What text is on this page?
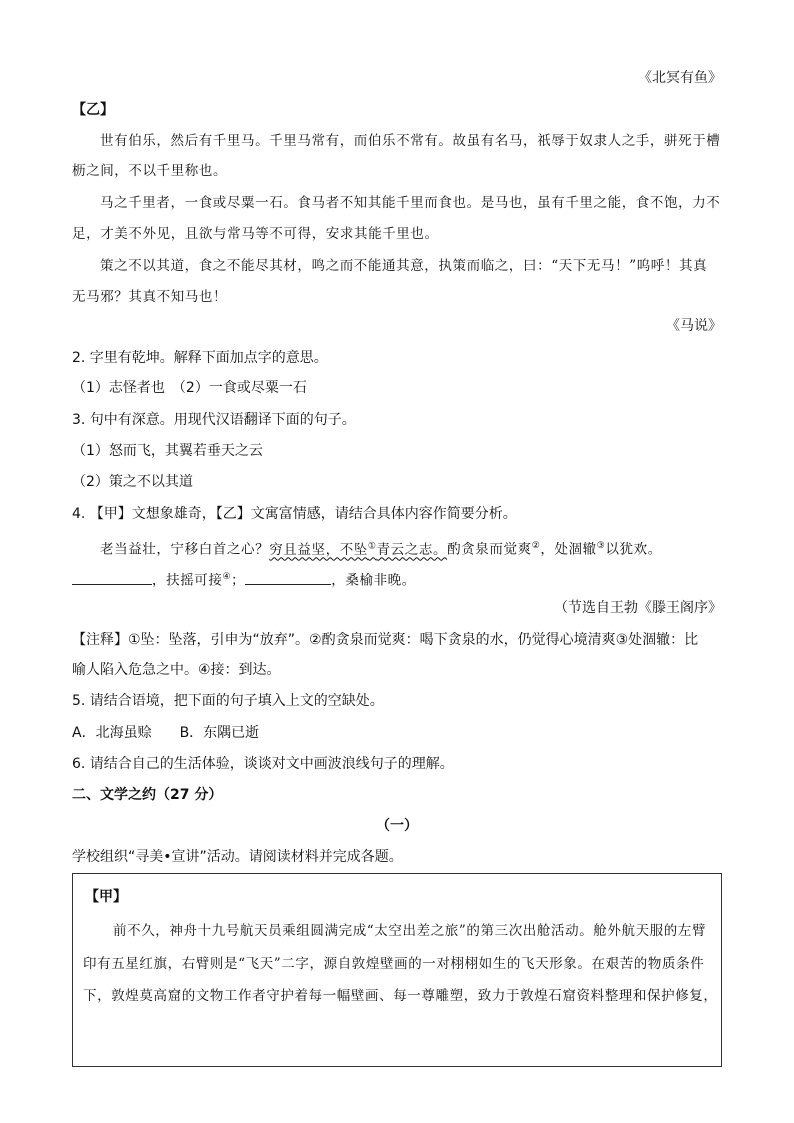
《北冥有鱼》
【乙】
世有伯乐，然后有千里马。千里马常有，而伯乐不常有。故虽有名马，祇辱于奴隶人之手，骈死于槽
枥之间，不以千里称也。
马之千里者，一食或尽粟一石。食马者不知其能千里而食也。是马也，虽有千里之能，食不饱，力不
足，才美不外见，且欲与常马等不可得，安求其能千里也。
策之不以其道，食之不能尽其材，鸣之而不能通其意，执策而临之，曰：“天下无马！”呜呼！其真
无马邪？其真不知马也！
《马说》
2. 字里有乾坤。解释下面加点字的意思。
（1）志怪者也　（2）一食或尽粟一石
3. 句中有深意。用现代汉语翻译下面的句子。
（1）怒而飞，其翼若垂天之云
（2）策之不以其道
4. 【甲】文想象雄奇，【乙】文寓富情感，请结合具体内容作简要分析。
老当益壮，宁移白首之心？穷且益坚，不坠①青云之志。酌贪泉而觉爽②，处涸辙③以犹欢。
，扶摇可接④；	，桑榆非晚。
（节选自王勃《滕王阁序》
【注释】①坠：坠落，引申为“放弃”。②酌贪泉而觉爽：喝下贪泉的水，仍觉得心境清爽③处涸辙：比
喻人陷入危急之中。④接：到达。
5. 请结合语境，把下面的句子填入上文的空缺处。
A．北海虽赊　　B．东隅已逝
6. 请结合自己的生活体验，谈谈对文中画波浪线句子的理解。
二、文学之约（27 分）
（一）
学校组织“寻美•宣讲”活动。请阅读材料并完成各题。
【甲】
前不久，神舟十九号航天员乘组圆满完成“太空出差之旅”的第三次出舱活动。舱外航天服的左臂
印有五星红旗，右臂则是“飞天”二字，源自敦煌壁画的一对栩栩如生的飞天形象。在艰苦的物质条件
下，敦煌莫高窟的文物工作者守护着每一幅壁画、每一尊雕塑，致力于敦煌石窟资料整理和保护修复，
